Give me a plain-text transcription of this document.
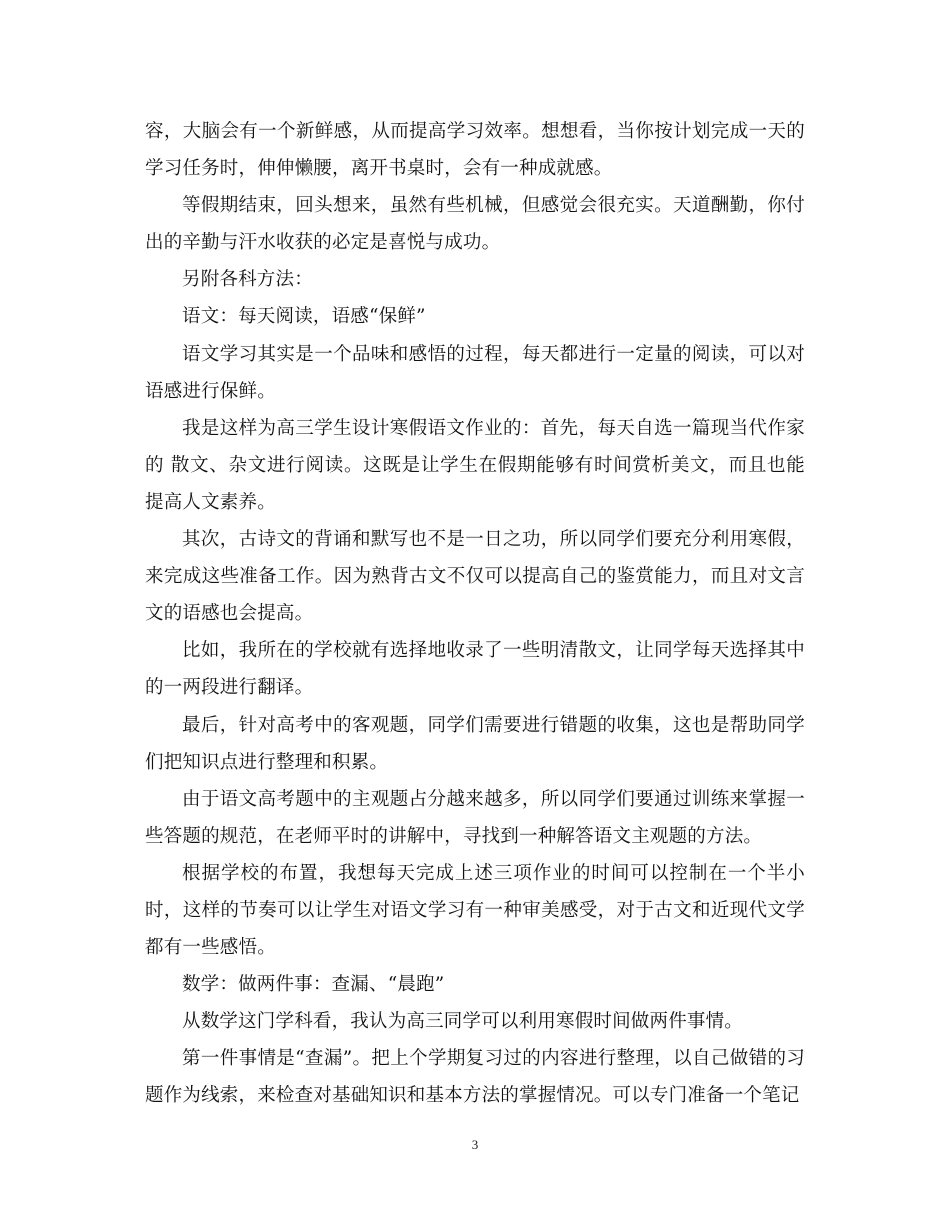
容，大脑会有一个新鲜感，从而提高学习效率。想想看，当你按计划完成一天的学习任务时，伸伸懒腰，离开书桌时，会有一种成就感。

等假期结束，回头想来，虽然有些机械，但感觉会很充实。天道酬勤，你付出的辛勤与汗水收获的必定是喜悦与成功。

另附各科方法：

语文：每天阅读，语感“保鲜”

语文学习其实是一个品味和感悟的过程，每天都进行一定量的阅读，可以对语感进行保鲜。

我是这样为高三学生设计寒假语文作业的：首先，每天自选一篇现当代作家的 散文、杂文进行阅读。这既是让学生在假期能够有时间赏析美文，而且也能提高人文素养。

其次，古诗文的背诵和默写也不是一日之功，所以同学们要充分利用寒假，来完成这些准备工作。因为熟背古文不仅可以提高自己的鉴赏能力，而且对文言文的语感也会提高。

比如，我所在的学校就有选择地收录了一些明清散文，让同学每天选择其中的一两段进行翻译。

最后，针对高考中的客观题，同学们需要进行错题的收集，这也是帮助同学们把知识点进行整理和积累。

由于语文高考题中的主观题占分越来越多，所以同学们要通过训练来掌握一些答题的规范，在老师平时的讲解中，寻找到一种解答语文主观题的方法。

根据学校的布置，我想每天完成上述三项作业的时间可以控制在一个半小时，这样的节奏可以让学生对语文学习有一种审美感受，对于古文和近现代文学都有一些感悟。

数学：做两件事：查漏、“晨跑”

从数学这门学科看，我认为高三同学可以利用寒假时间做两件事情。

第一件事情是“查漏”。把上个学期复习过的内容进行整理，以自己做错的习题作为线索，来检查对基础知识和基本方法的掌握情况。可以专门准备一个笔记

3
